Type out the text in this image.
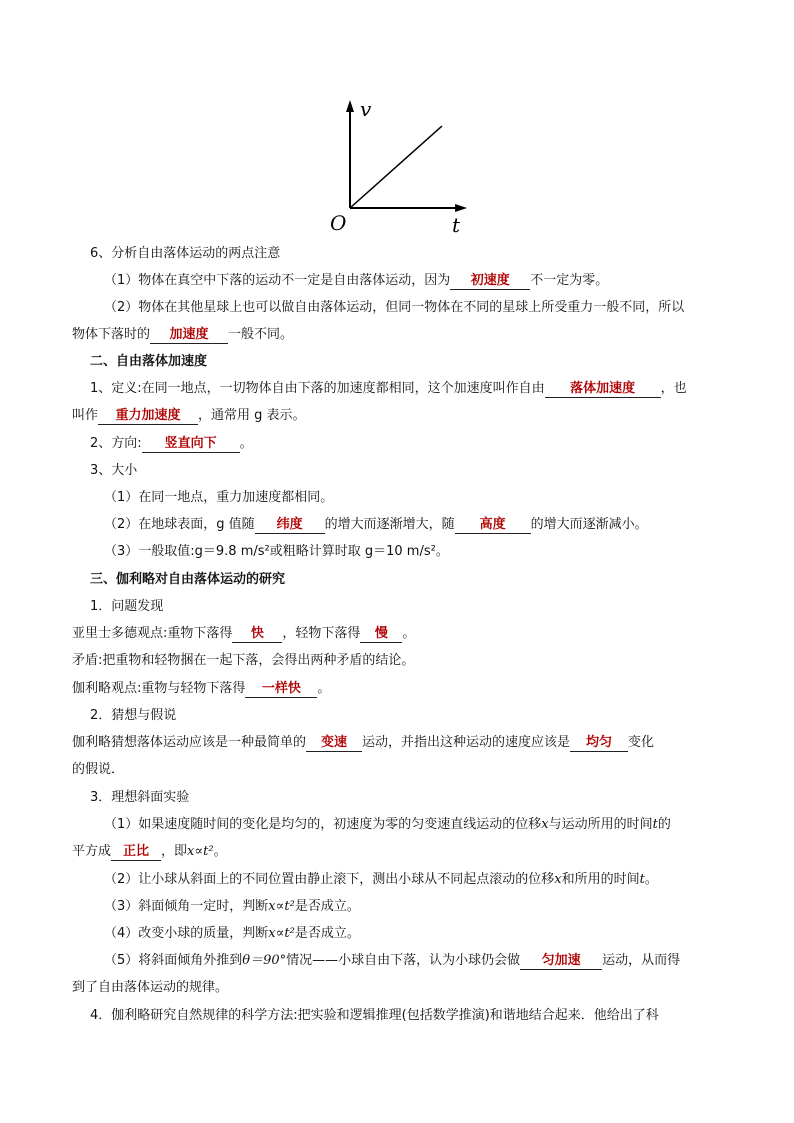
v
O	t
6、分析自由落体运动的两点注意
（1）物体在真空中下落的运动不一定是自由落体运动，因为 初速度 不一定为零。
（2）物体在其他星球上也可以做自由落体运动，但同一物体在不同的星球上所受重力一般不同，所以
物体下落时的 加速度 一般不同。
二、自由落体加速度
1、定义:在同一地点，一切物体自由下落的加速度都相同，这个加速度叫作自由 落体加速度 ，也
叫作 重力加速度 ，通常用 g 表示。
2、方向: 竖直向下 。
3、大小
（1）在同一地点，重力加速度都相同。
（2）在地球表面，g 值随 纬度 的增大而逐渐增大，随 高度 的增大而逐渐减小。
（3）一般取值:g＝9.8 m/s²或粗略计算时取 g＝10 m/s²。
三、伽利略对自由落体运动的研究
1．问题发现
亚里士多德观点:重物下落得 快 ，轻物下落得 慢 。
矛盾:把重物和轻物捆在一起下落，会得出两种矛盾的结论。
伽利略观点:重物与轻物下落得 一样快 。
2．猜想与假说
伽利略猜想落体运动应该是一种最简单的 变速 运动，并指出这种运动的速度应该是 均匀 变化
的假说．
3．理想斜面实验
（1）如果速度随时间的变化是均匀的，初速度为零的匀变速直线运动的位移x与运动所用的时间t的
平方成 正比 ，即x∝t²。
（2）让小球从斜面上的不同位置由静止滚下，测出小球从不同起点滚动的位移x和所用的时间t。
（3）斜面倾角一定时，判断x∝t²是否成立。
（4）改变小球的质量，判断x∝t²是否成立。
（5）将斜面倾角外推到θ＝90°情况——小球自由下落，认为小球仍会做 匀加速 运动，从而得
到了自由落体运动的规律。
4．伽利略研究自然规律的科学方法:把实验和逻辑推理(包括数学推演)和谐地结合起来．他给出了科
